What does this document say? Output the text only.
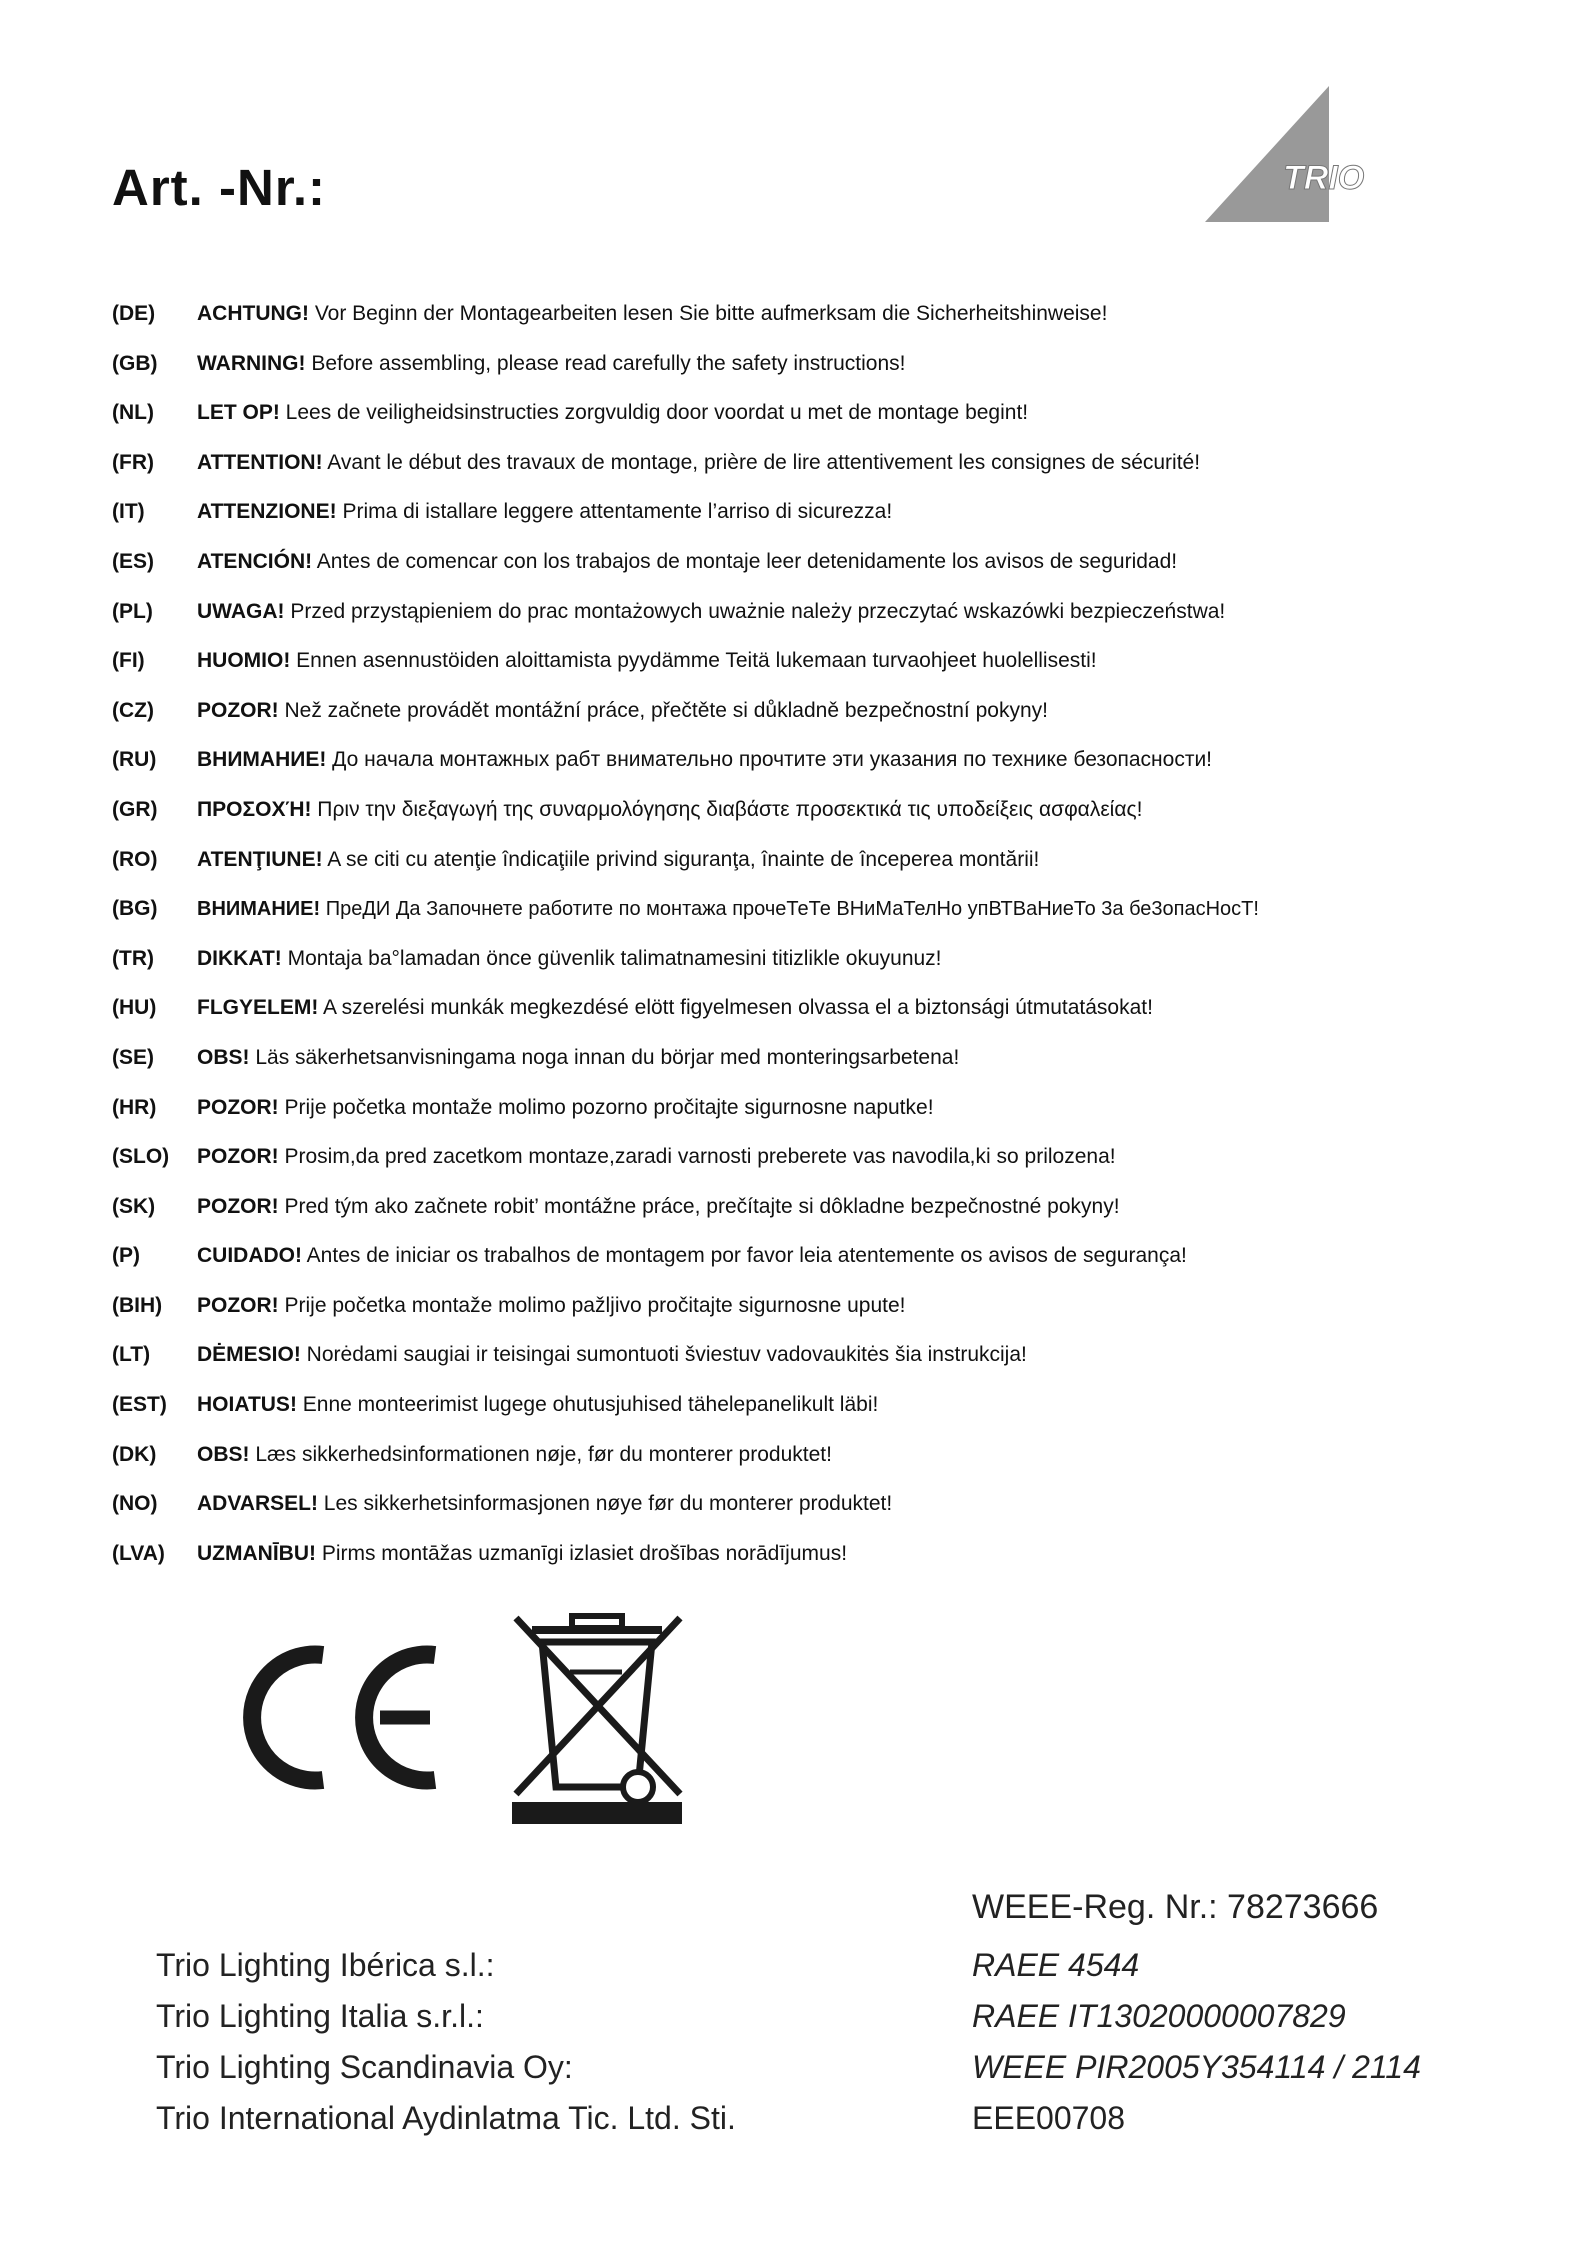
Art. -Nr.:	TRIO
(DE) ACHTUNG! Vor Beginn der Montagearbeiten lesen Sie bitte aufmerksam die Sicherheitshinweise!
(GB) WARNING! Before assembling, please read carefully the safety instructions!
(NL) LET OP! Lees de veiligheidsinstructies zorgvuldig door voordat u met de montage begint!
(FR) ATTENTION! Avant le début des travaux de montage, prière de lire attentivement les consignes de sécurité!
(IT) ATTENZIONE! Prima di istallare leggere attentamente l’arriso di sicurezza!
(ES) ATENCIÓN! Antes de comencar con los trabajos de montaje leer detenidamente los avisos de seguridad!
(PL) UWAGA! Przed przystąpieniem do prac montażowych uważnie należy przeczytać wskazówki bezpieczeństwa!
(FI) HUOMIO! Ennen asennustöiden aloittamista pyydämme Teitä lukemaan turvaohjeet huolellisesti!
(CZ) POZOR! Než začnete provádět montážní práce, přečtěte si důkladně bezpečnostní pokyny!
(RU) ВНИМАНИЕ! До начала монтажных рабт внимательно прочтите эти указания по технике безопасности!
(GR) ΠΡΟΣΟΧΉ! Πριν την διεξαγωγή της συναρμολόγησης διαβάστε προσεκτικά τις υποδείξεις ασφαλείας!
(RO) ATENŢIUNE! A se citi cu atenţie îndicaţiile privind siguranţa, înainte de începerea montării!
(BG) ВНИМАНИЕ! ПреДИ Да Започнете работите по монтажа прочеТеТе ВНиМаТелНо упВТВаНиеТо 3а бе3опасНосТ!
(TR) DIKKAT! Montaja ba°lamadan önce güvenlik talimatnamesini titizlikle okuyunuz!
(HU) FLGYELEM! A szerelési munkák megkezdésé elött figyelmesen olvassa el a biztonsági útmutatásokat!
(SE) OBS! Läs säkerhetsanvisningama noga innan du börjar med monteringsarbetena!
(HR) POZOR! Prije početka montaže molimo pozorno pročitajte sigurnosne naputke!
(SLO) POZOR! Prosim,da pred zacetkom montaze,zaradi varnosti preberete vas navodila,ki so prilozena!
(SK) POZOR! Pred tým ako začnete robit’ montážne práce, prečítajte si dôkladne bezpečnostné pokyny!
(P)	CUIDADO! Antes de iniciar os trabalhos de montagem por favor leia atentemente os avisos de segurança!
(BIH) POZOR! Prije početka montaže molimo pažljivo pročitajte sigurnosne upute!
(LT) DĖMESIO! Norėdami saugiai ir teisingai sumontuoti šviestuv vadovaukitės šia instrukcija!
(EST) HOIATUS! Enne monteerimist lugege ohutusjuhised tähelepanelikult läbi!
(DK) OBS! Læs sikkerhedsinformationen nøje, før du monterer produktet!
(NO) ADVARSEL! Les sikkerhetsinformasjonen nøye før du monterer produktet!
(LVA) UZMANĪBU! Pirms montāžas uzmanīgi izlasiet drošības norādījumus!
WEEE-Reg. Nr.: 78273666
Trio Lighting Ibérica s.l.:	RAEE 4544
Trio Lighting Italia s.r.l.:	RAEE IT13020000007829
Trio Lighting Scandinavia Oy:	WEEE PIR2005Y354114 / 2114
Trio International Aydinlatma Tic. Ltd. Sti.	EEE00708
